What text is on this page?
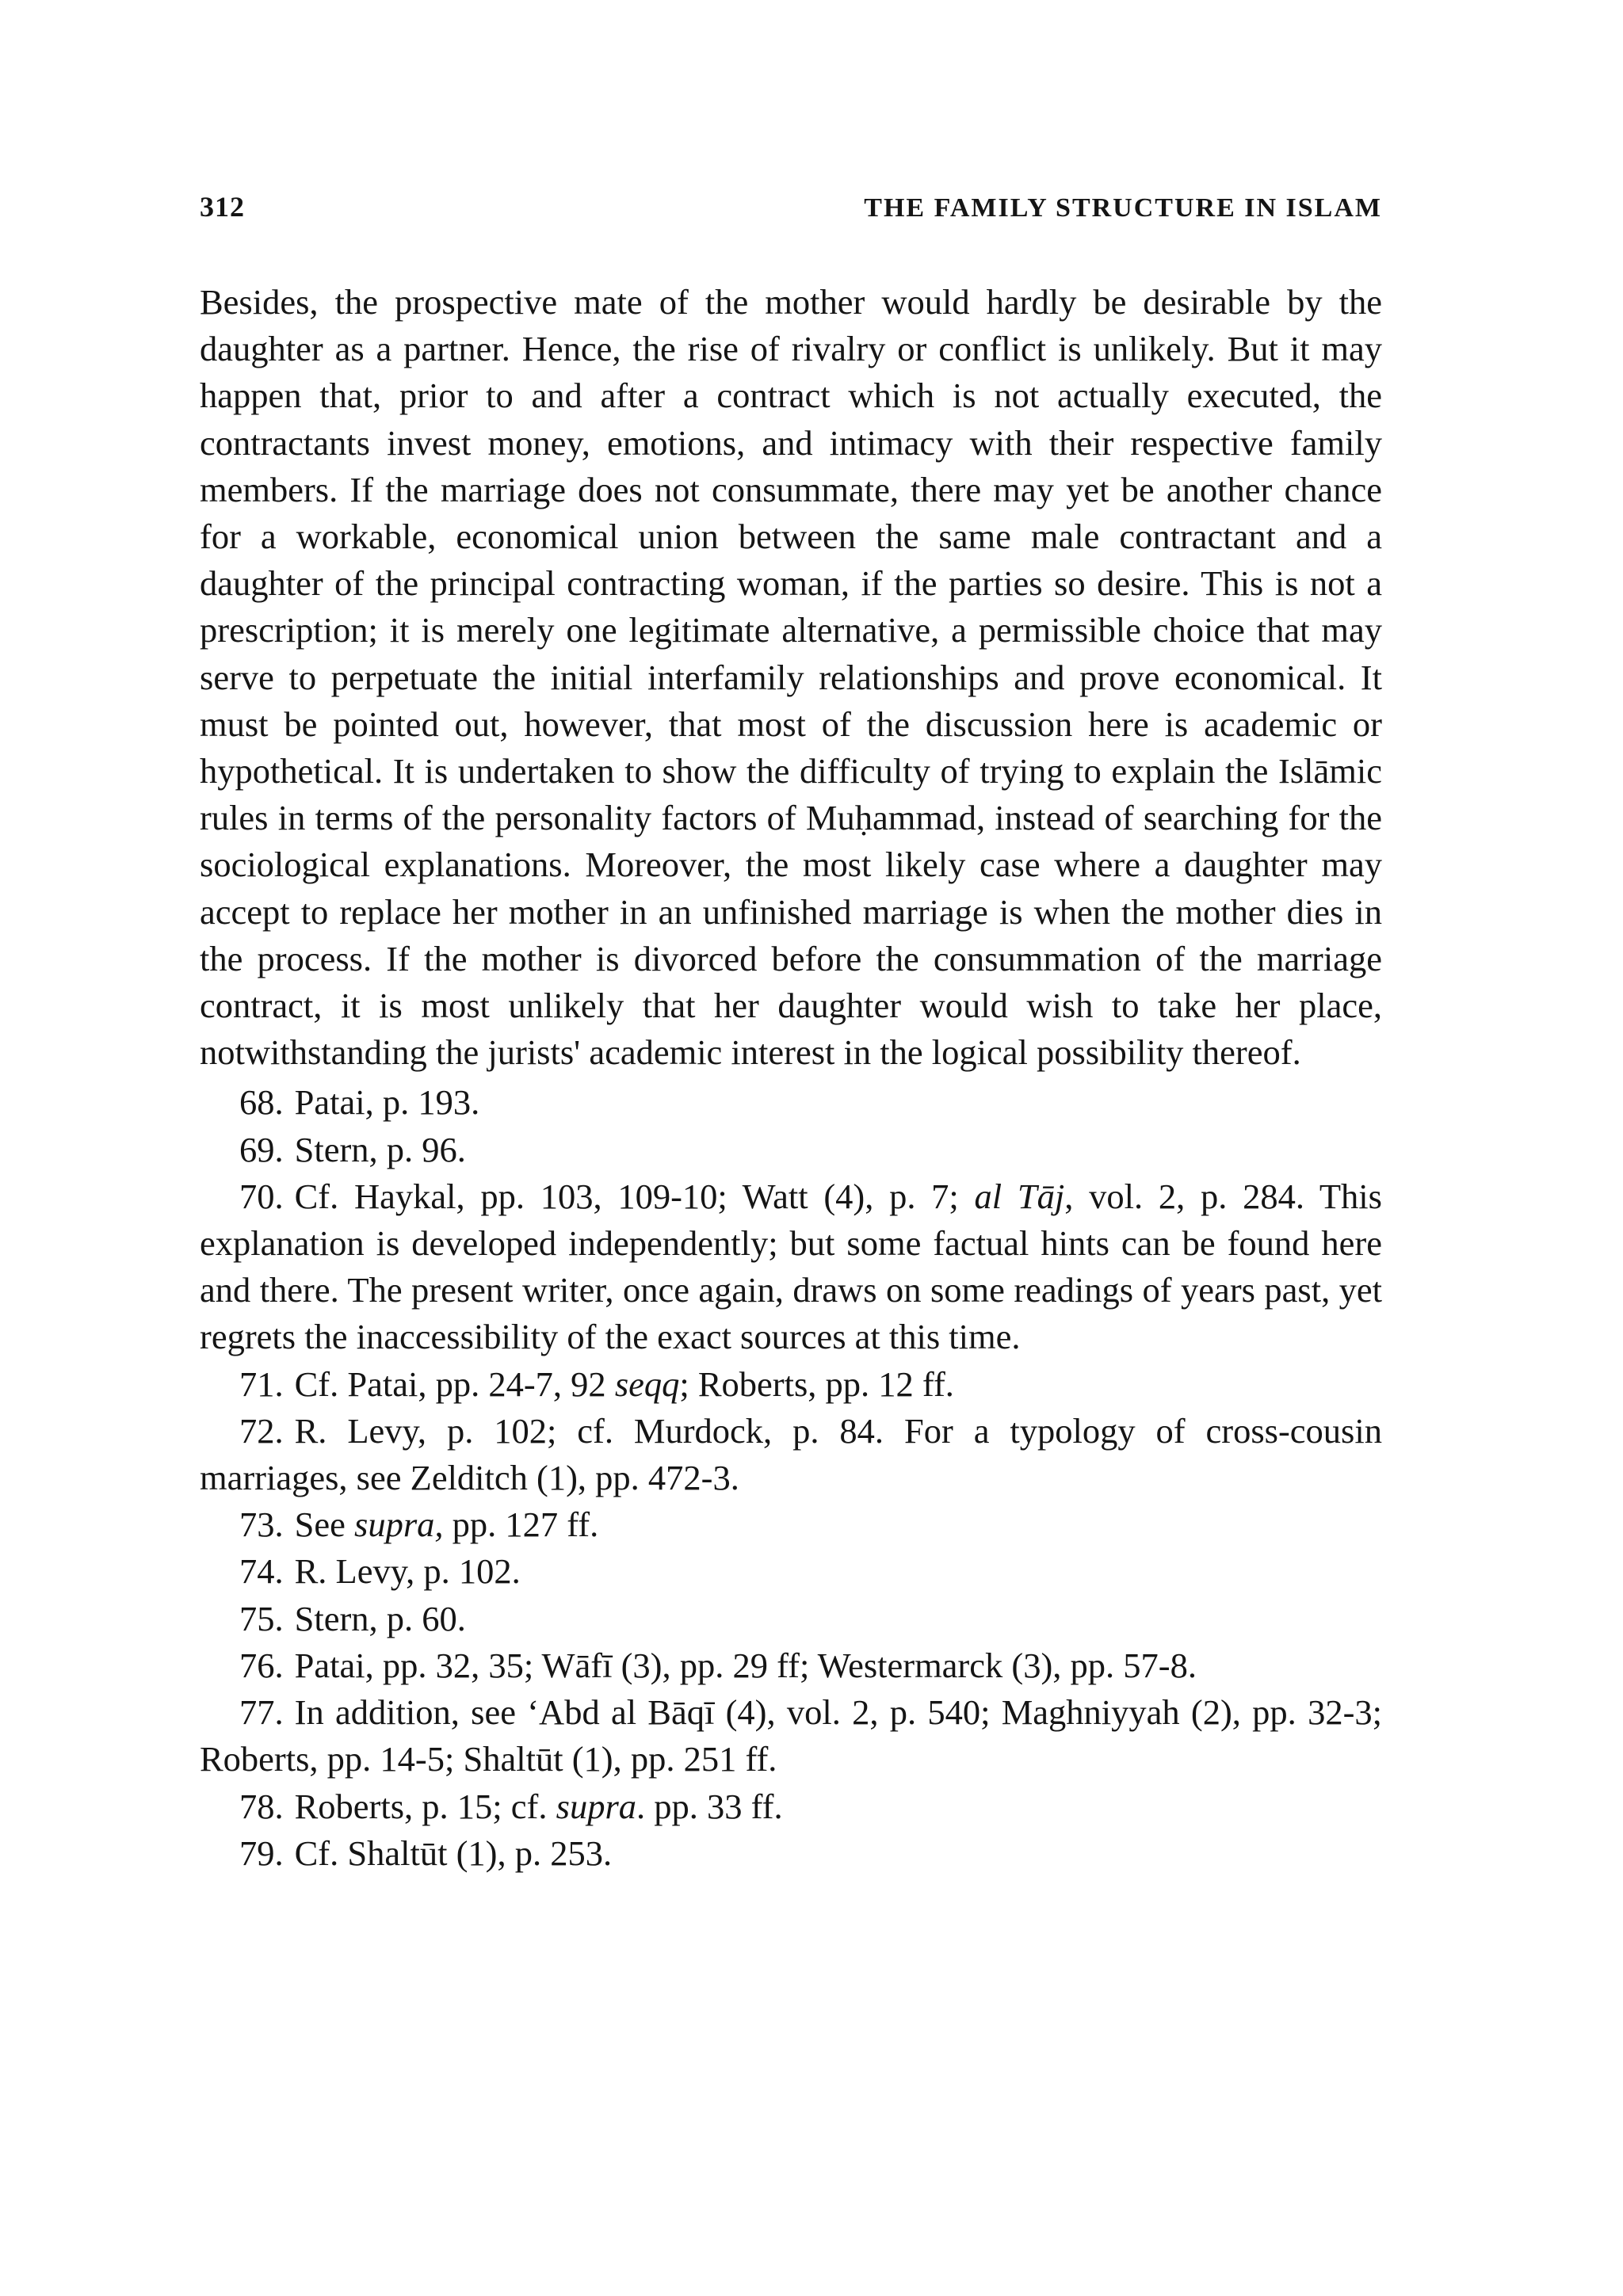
312	THE FAMILY STRUCTURE IN ISLAM
Besides, the prospective mate of the mother would hardly be desirable by the daughter as a partner. Hence, the rise of rivalry or conflict is unlikely. But it may happen that, prior to and after a contract which is not actually executed, the contractants invest money, emotions, and intimacy with their respective family members. If the marriage does not consummate, there may yet be another chance for a workable, economical union between the same male contractant and a daughter of the principal contracting woman, if the parties so desire. This is not a prescription; it is merely one legitimate alternative, a permissible choice that may serve to perpetuate the initial interfamily relationships and prove economical. It must be pointed out, however, that most of the discussion here is academic or hypothetical. It is undertaken to show the difficulty of trying to explain the Islāmic rules in terms of the personality factors of Muḥammad, instead of searching for the sociological explanations. Moreover, the most likely case where a daughter may accept to replace her mother in an unfinished marriage is when the mother dies in the process. If the mother is divorced before the consummation of the marriage contract, it is most unlikely that her daughter would wish to take her place, notwithstanding the jurists' academic interest in the logical possibility thereof.

68. Patai, p. 193.

69. Stern, p. 96.

70. Cf. Haykal, pp. 103, 109-10; Watt (4), p. 7; al Tāj, vol. 2, p. 284. This explanation is developed independently; but some factual hints can be found here and there. The present writer, once again, draws on some readings of years past, yet regrets the inaccessibility of the exact sources at this time.

71. Cf. Patai, pp. 24-7, 92 seqq; Roberts, pp. 12 ff.

72. R. Levy, p. 102; cf. Murdock, p. 84. For a typology of cross-cousin marriages, see Zelditch (1), pp. 472-3.

73. See supra, pp. 127 ff.

74. R. Levy, p. 102.

75. Stern, p. 60.

76. Patai, pp. 32, 35; Wāfī (3), pp. 29 ff; Westermarck (3), pp. 57-8.

77. In addition, see ‘Abd al Bāqī (4), vol. 2, p. 540; Maghniyyah (2), pp. 32-3; Roberts, pp. 14-5; Shaltūt (1), pp. 251 ff.

78. Roberts, p. 15; cf. supra. pp. 33 ff.

79. Cf. Shaltūt (1), p. 253.
